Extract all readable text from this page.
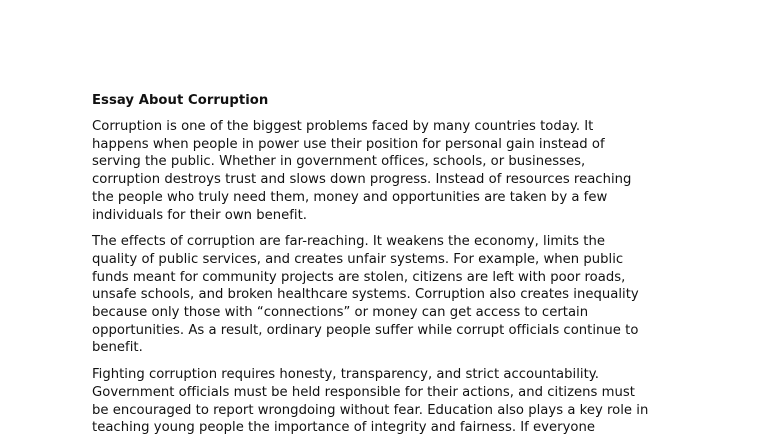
Essay About Corruption

Corruption is one of the biggest problems faced by many countries today. It
happens when people in power use their position for personal gain instead of
serving the public. Whether in government offices, schools, or businesses,
corruption destroys trust and slows down progress. Instead of resources reaching
the people who truly need them, money and opportunities are taken by a few
individuals for their own benefit.

The effects of corruption are far-reaching. It weakens the economy, limits the
quality of public services, and creates unfair systems. For example, when public
funds meant for community projects are stolen, citizens are left with poor roads,
unsafe schools, and broken healthcare systems. Corruption also creates inequality
because only those with “connections” or money can get access to certain
opportunities. As a result, ordinary people suffer while corrupt officials continue to
benefit.

Fighting corruption requires honesty, transparency, and strict accountability.
Government officials must be held responsible for their actions, and citizens must
be encouraged to report wrongdoing without fear. Education also plays a key role in
teaching young people the importance of integrity and fairness. If everyone
